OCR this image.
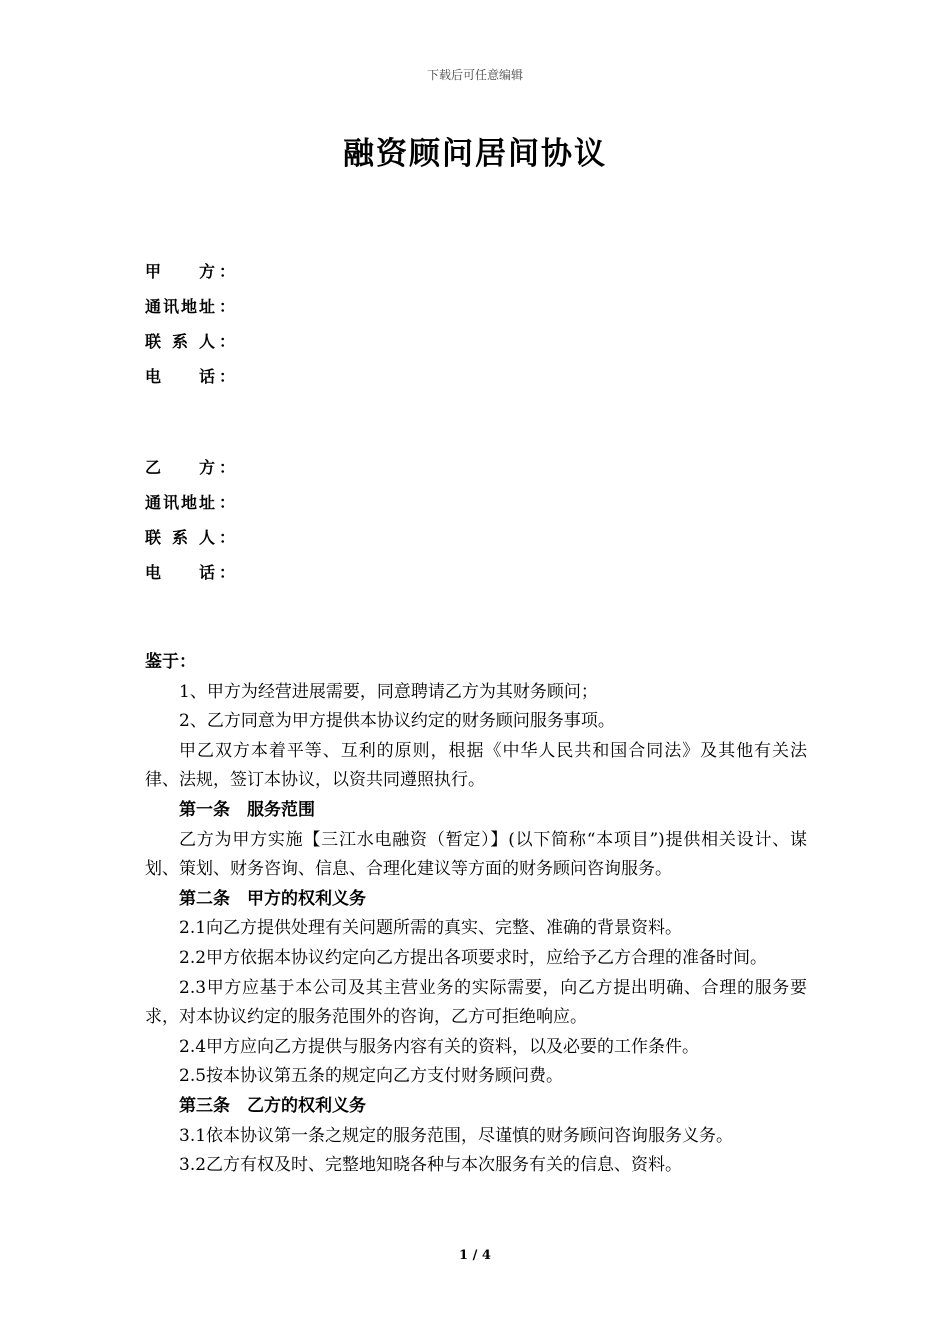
下载后可任意编辑
融资顾问居间协议
甲　方 ：
通讯地址 ：
联 系 人 ：
电　话 ：
乙　方 ：
通讯地址 ：
联 系 人 ：
电　话 ：

鉴于：

1、甲方为经营进展需要，同意聘请乙方为其财务顾问；

2、乙方同意为甲方提供本协议约定的财务顾问服务事项。

甲乙双方本着平等、互利的原则，根据《中华人民共和国合同法》及其他有关法律、法规，签订本协议，以资共同遵照执行。

第一条 服务范围

乙方为甲方实施【三江水电融资（暂定）】(以下简称“本项目”)提供相关设计、谋划、策划、财务咨询、信息、合理化建议等方面的财务顾问咨询服务。

第二条 甲方的权利义务

2.1向乙方提供处理有关问题所需的真实、完整、准确的背景资料。

2.2甲方依据本协议约定向乙方提出各项要求时，应给予乙方合理的准备时间。

2.3甲方应基于本公司及其主营业务的实际需要，向乙方提出明确、合理的服务要求，对本协议约定的服务范围外的咨询，乙方可拒绝响应。

2.4甲方应向乙方提供与服务内容有关的资料，以及必要的工作条件。

2.5按本协议第五条的规定向乙方支付财务顾问费。

第三条 乙方的权利义务

3.1依本协议第一条之规定的服务范围，尽谨慎的财务顾问咨询服务义务。

3.2乙方有权及时、完整地知晓各种与本次服务有关的信息、资料。

1 / 4
